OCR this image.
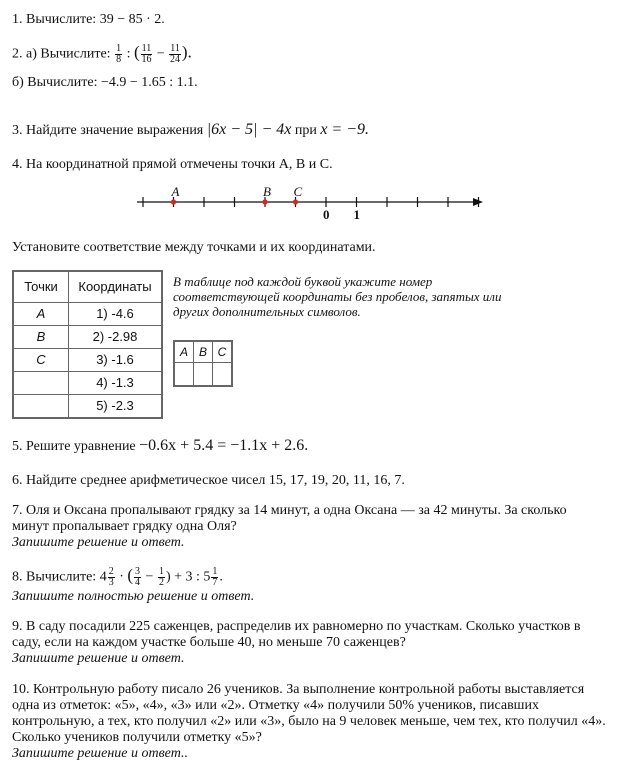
1. Вычислите: 39 − 85 · 2.
2. а) Вычислите: $\frac{1}{8}$ : ( $\frac{11}{16} - \frac{11}{24}$ ).
б) Вычислите: −4.9 − 1.65 : 1.1.
3. Найдите значение выражения |6x − 5| − 4x при x = −9.
4. На координатной прямой отмечены точки A, B и C.
A	B C
0 1
Установите соответствие между точками и их координатами.
Точки	Координаты
A	1) -4.6
B	2) -2.98
C	3) -1.6
	4) -1.3
	5) -2.3
В таблице под каждой буквой укажите номер соответствующей координаты без пробелов, запятых или других дополнительных символов.
A	B	C

5. Решите уравнение −0.6x + 5.4 = −1.1x + 2.6.
6. Найдите среднее арифметическое чисел 15, 17, 19, 20, 11, 16, 7.
7. Оля и Оксана пропалывают грядку за 14 минут, а одна Оксана — за 42 минуты. За сколько
минут пропалывает грядку одна Оля?
Запишите решение и ответ.
8. Вычислите: $4 \frac{2}{3}$ · ( $\frac{3}{4} - \frac{1}{2}$ ) + 3 : $5 \frac{1}{7}$ .
Запишите полностью решение и ответ.
9. В саду посадили 225 саженцев, распределив их равномерно по участкам. Сколько участков в
саду, если на каждом участке больше 40, но меньше 70 саженцев?
Запишите решение и ответ.
10. Контрольную работу писало 26 учеников. За выполнение контрольной работы выставляется
одна из отметок: «5», «4», «3» или «2». Отметку «4» получили 50% учеников, писавших
контрольную, а тех, кто получил «2» или «3», было на 9 человек меньше, чем тех, кто получил «4».
Сколько учеников получили отметку «5»?
Запишите решение и ответ..
